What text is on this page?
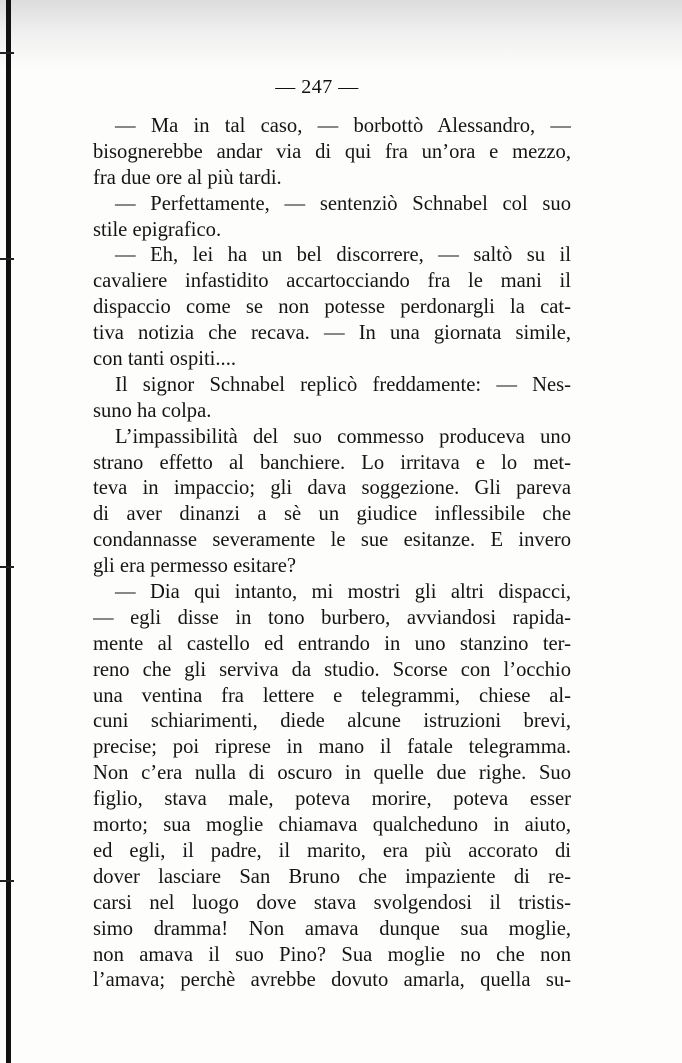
— 247 —
— Ma in tal caso, — borbottò Alessandro, —
bisognerebbe andar via di qui fra un’ora e mezzo,
fra due ore al più tardi.
— Perfettamente, — sentenziò Schnabel col suo
stile epigrafico.
— Eh, lei ha un bel discorrere, — saltò su il
cavaliere infastidito accartocciando fra le mani il
dispaccio come se non potesse perdonargli la cat-
tiva notizia che recava. — In una giornata simile,
con tanti ospiti....
Il signor Schnabel replicò freddamente: — Nes-
suno ha colpa.
L’impassibilità del suo commesso produceva uno
strano effetto al banchiere. Lo irritava e lo met-
teva in impaccio; gli dava soggezione. Gli pareva
di aver dinanzi a sè un giudice inflessibile che
condannasse severamente le sue esitanze. E invero
gli era permesso esitare?
— Dia qui intanto, mi mostri gli altri dispacci,
— egli disse in tono burbero, avviandosi rapida-
mente al castello ed entrando in uno stanzino ter-
reno che gli serviva da studio. Scorse con l’occhio
una ventina fra lettere e telegrammi, chiese al-
cuni schiarimenti, diede alcune istruzioni brevi,
precise; poi riprese in mano il fatale telegramma.
Non c’era nulla di oscuro in quelle due righe. Suo
figlio, stava male, poteva morire, poteva esser
morto; sua moglie chiamava qualcheduno in aiuto,
ed egli, il padre, il marito, era più accorato di
dover lasciare San Bruno che impaziente di re-
carsi nel luogo dove stava svolgendosi il tristis-
simo dramma! Non amava dunque sua moglie,
non amava il suo Pino? Sua moglie no che non
l’amava; perchè avrebbe dovuto amarla, quella su-
